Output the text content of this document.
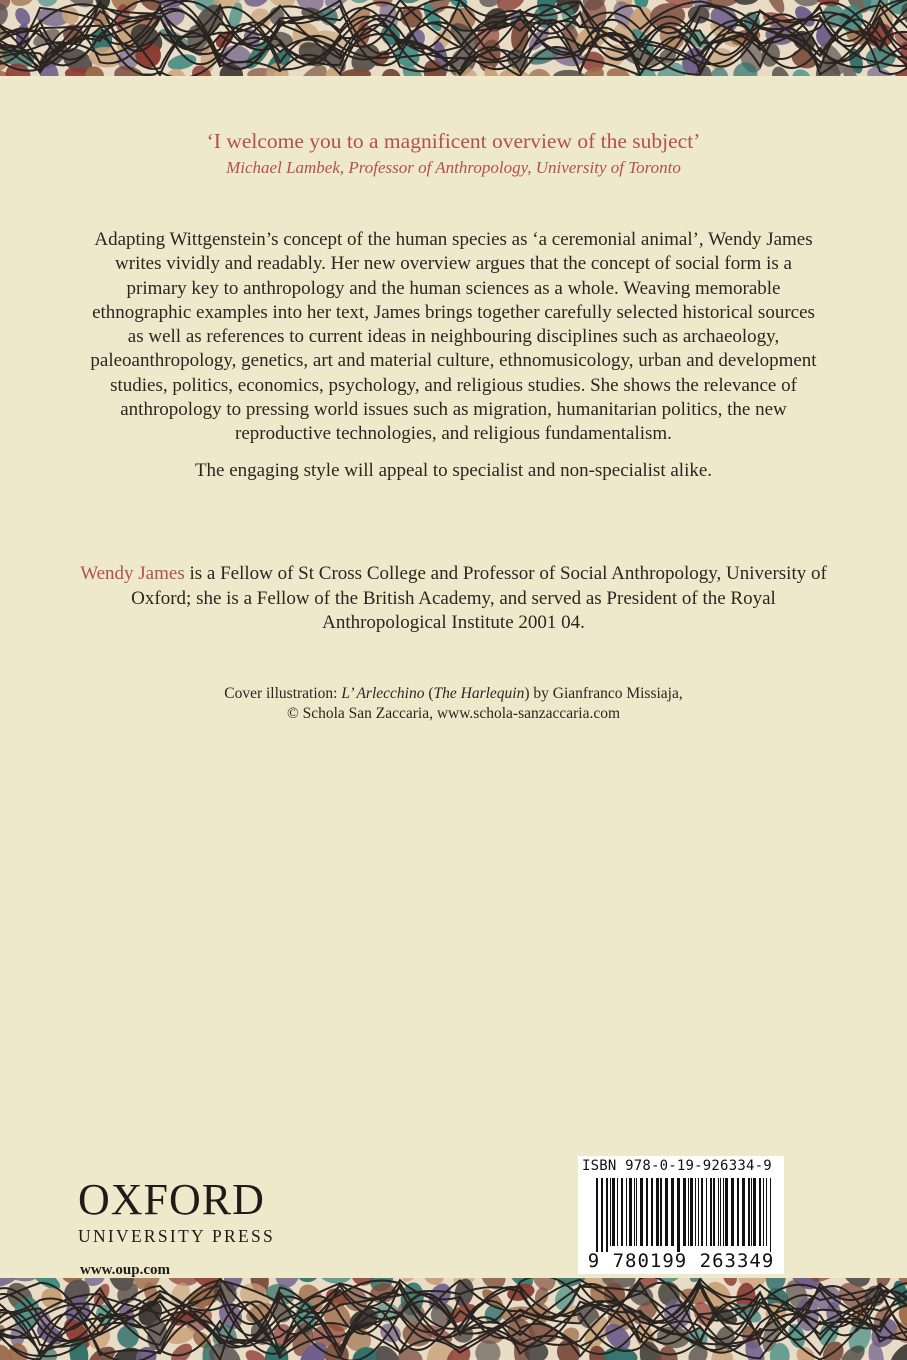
‘I welcome you to a magnificent overview of the subject’
Michael Lambek, Professor of Anthropology, University of Toronto

Adapting Wittgenstein’s concept of the human species as ‘a ceremonial animal’, Wendy James writes vividly and readably. Her new overview argues that the concept of social form is a primary key to anthropology and the human sciences as a whole. Weaving memorable ethnographic examples into her text, James brings together carefully selected historical sources as well as references to current ideas in neighbouring disciplines such as archaeology, paleoanthropology, genetics, art and material culture, ethnomusicology, urban and development studies, politics, economics, psychology, and religious studies. She shows the relevance of anthropology to pressing world issues such as migration, humanitarian politics, the new reproductive technologies, and religious fundamentalism.

The engaging style will appeal to specialist and non-specialist alike.

Wendy James is a Fellow of St Cross College and Professor of Social Anthropology, University of Oxford; she is a Fellow of the British Academy, and served as President of the Royal Anthropological Institute 2001 04.
Cover illustration: L’ Arlecchino (The Harlequin) by Gianfranco Missiaja,
© Schola San Zaccaria, www.schola-sanzaccaria.com
OXFORD
UNIVERSITY PRESS
www.oup.com
ISBN 978-0-19-926334-9
9 780199 263349
